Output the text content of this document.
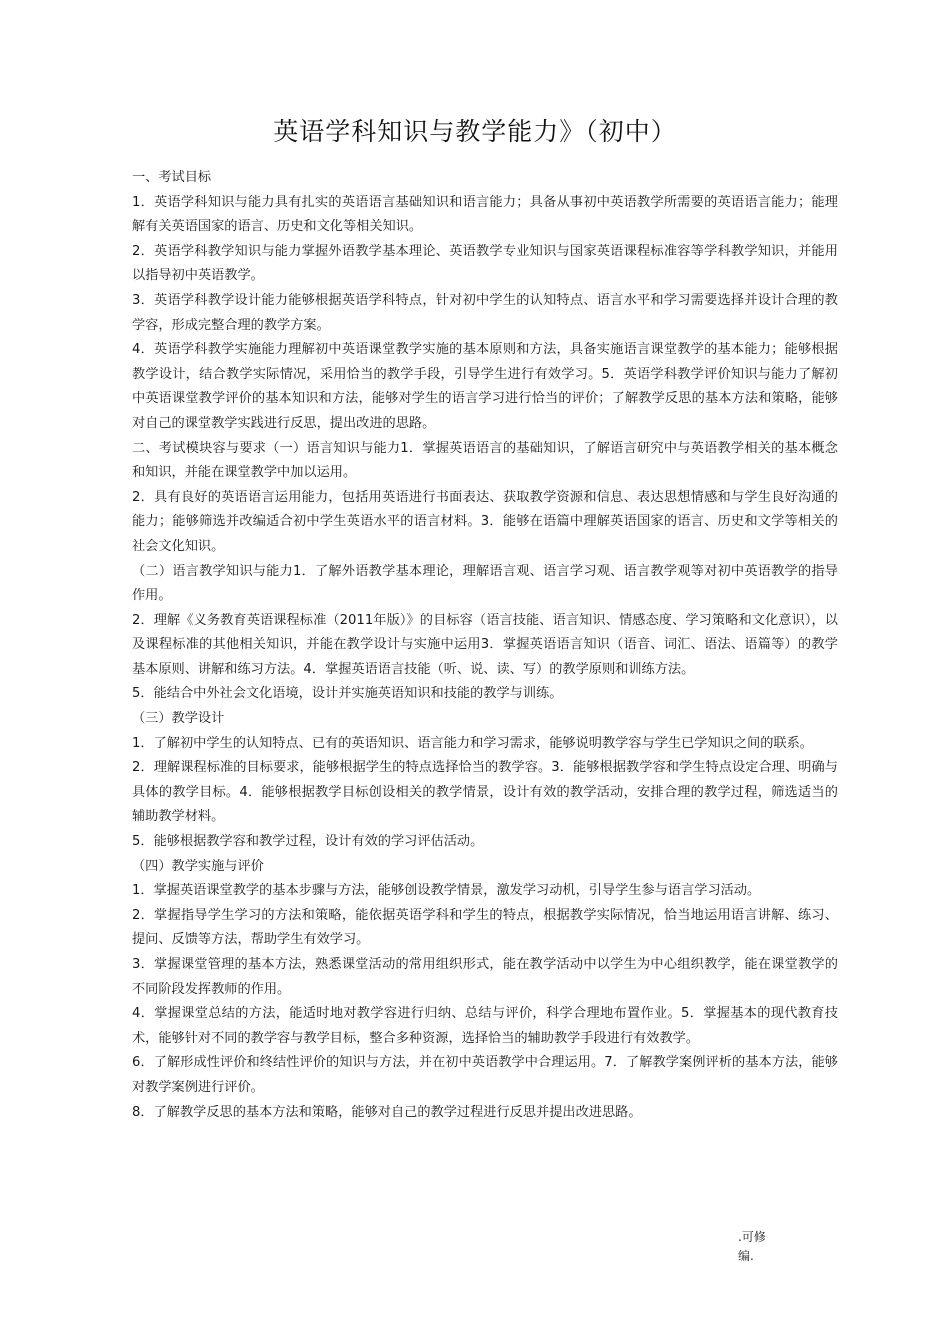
英语学科知识与教学能力》（初中）

一、考试目标

1．英语学科知识与能力具有扎实的英语语言基础知识和语言能力；具备从事初中英语教学所需要的英语语言能力；能理解有关英语国家的语言、历史和文化等相关知识。

2．英语学科教学知识与能力掌握外语教学基本理论、英语教学专业知识与国家英语课程标准容等学科教学知识，并能用以指导初中英语教学。

3．英语学科教学设计能力能够根据英语学科特点，针对初中学生的认知特点、语言水平和学习需要选择并设计合理的教学容，形成完整合理的教学方案。

4．英语学科教学实施能力理解初中英语课堂教学实施的基本原则和方法，具备实施语言课堂教学的基本能力；能够根据教学设计，结合教学实际情况，采用恰当的教学手段，引导学生进行有效学习。5．英语学科教学评价知识与能力了解初中英语课堂教学评价的基本知识和方法，能够对学生的语言学习进行恰当的评价；了解教学反思的基本方法和策略，能够对自己的课堂教学实践进行反思，提出改进的思路。

二、考试模块容与要求（一）语言知识与能力1．掌握英语语言的基础知识，了解语言研究中与英语教学相关的基本概念和知识，并能在课堂教学中加以运用。

2．具有良好的英语语言运用能力，包括用英语进行书面表达、获取教学资源和信息、表达思想情感和与学生良好沟通的能力；能够筛选并改编适合初中学生英语水平的语言材料。3．能够在语篇中理解英语国家的语言、历史和文学等相关的社会文化知识。

（二）语言教学知识与能力1．了解外语教学基本理论，理解语言观、语言学习观、语言教学观等对初中英语教学的指导作用。

2．理解《义务教育英语课程标准（2011年版）》的目标容（语言技能、语言知识、情感态度、学习策略和文化意识），以及课程标准的其他相关知识，并能在教学设计与实施中运用3．掌握英语语言知识（语音、词汇、语法、语篇等）的教学基本原则、讲解和练习方法。4．掌握英语语言技能（听、说、读、写）的教学原则和训练方法。

5．能结合中外社会文化语境，设计并实施英语知识和技能的教学与训练。

（三）教学设计

1．了解初中学生的认知特点、已有的英语知识、语言能力和学习需求，能够说明教学容与学生已学知识之间的联系。

2．理解课程标准的目标要求，能够根据学生的特点选择恰当的教学容。3．能够根据教学容和学生特点设定合理、明确与具体的教学目标。4．能够根据教学目标创设相关的教学情景，设计有效的教学活动，安排合理的教学过程，筛选适当的辅助教学材料。

5．能够根据教学容和教学过程，设计有效的学习评估活动。

（四）教学实施与评价

1．掌握英语课堂教学的基本步骤与方法，能够创设教学情景，激发学习动机，引导学生参与语言学习活动。

2．掌握指导学生学习的方法和策略，能依据英语学科和学生的特点，根据教学实际情况，恰当地运用语言讲解、练习、提问、反馈等方法，帮助学生有效学习。

3．掌握课堂管理的基本方法，熟悉课堂活动的常用组织形式，能在教学活动中以学生为中心组织教学，能在课堂教学的不同阶段发挥教师的作用。

4．掌握课堂总结的方法，能适时地对教学容进行归纳、总结与评价，科学合理地布置作业。5．掌握基本的现代教育技术，能够针对不同的教学容与教学目标，整合多种资源，选择恰当的辅助教学手段进行有效教学。

6．了解形成性评价和终结性评价的知识与方法，并在初中英语教学中合理运用。7．了解教学案例评析的基本方法，能够对教学案例进行评价。

8．了解教学反思的基本方法和策略，能够对自己的教学过程进行反思并提出改进思路。

.可修编.
